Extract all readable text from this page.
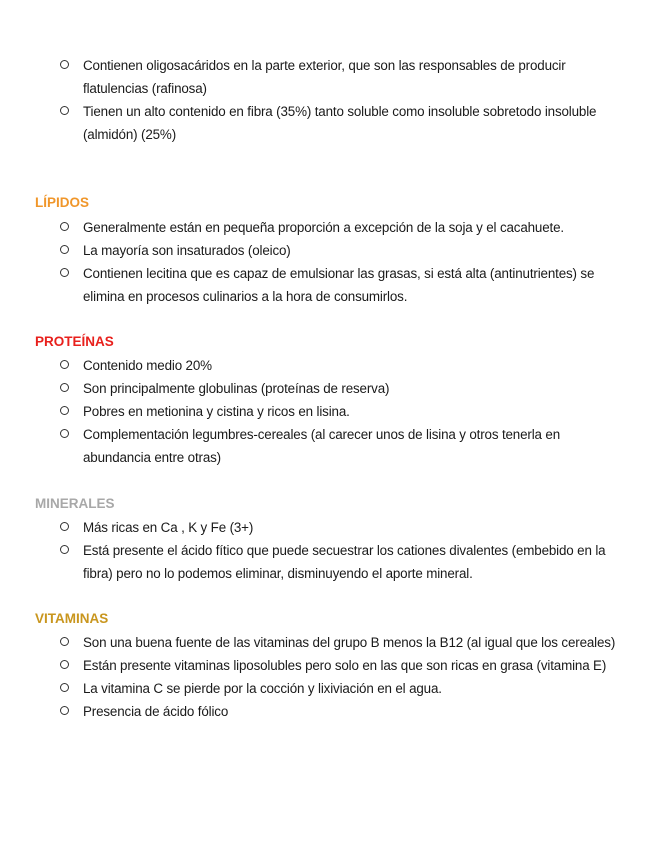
Contienen oligosacáridos en la parte exterior, que son las responsables de producir flatulencias (rafinosa)
Tienen un alto contenido en fibra (35%) tanto soluble como insoluble sobretodo insoluble (almidón) (25%)
LÍPIDOS
Generalmente están en pequeña proporción a excepción de la soja y el cacahuete.
La mayoría son insaturados (oleico)
Contienen lecitina que es capaz de emulsionar las grasas, si está alta (antinutrientes) se elimina en procesos culinarios a la hora de consumirlos.
PROTEÍNAS
Contenido medio 20%
Son principalmente globulinas (proteínas de reserva)
Pobres en metionina y cistina y ricos en lisina.
Complementación legumbres-cereales (al carecer unos de lisina y otros tenerla en abundancia entre otras)
MINERALES
Más ricas en Ca , K y Fe (3+)
Está presente el ácido fítico que puede secuestrar los cationes divalentes (embebido en la fibra) pero no lo podemos eliminar, disminuyendo el aporte mineral.
VITAMINAS
Son una buena fuente de las vitaminas del grupo B menos la B12 (al igual que los cereales)
Están presente vitaminas liposolubles pero solo en las que son ricas en grasa (vitamina E)
La vitamina C se pierde por la cocción y lixiviación en el agua.
Presencia de ácido fólico
